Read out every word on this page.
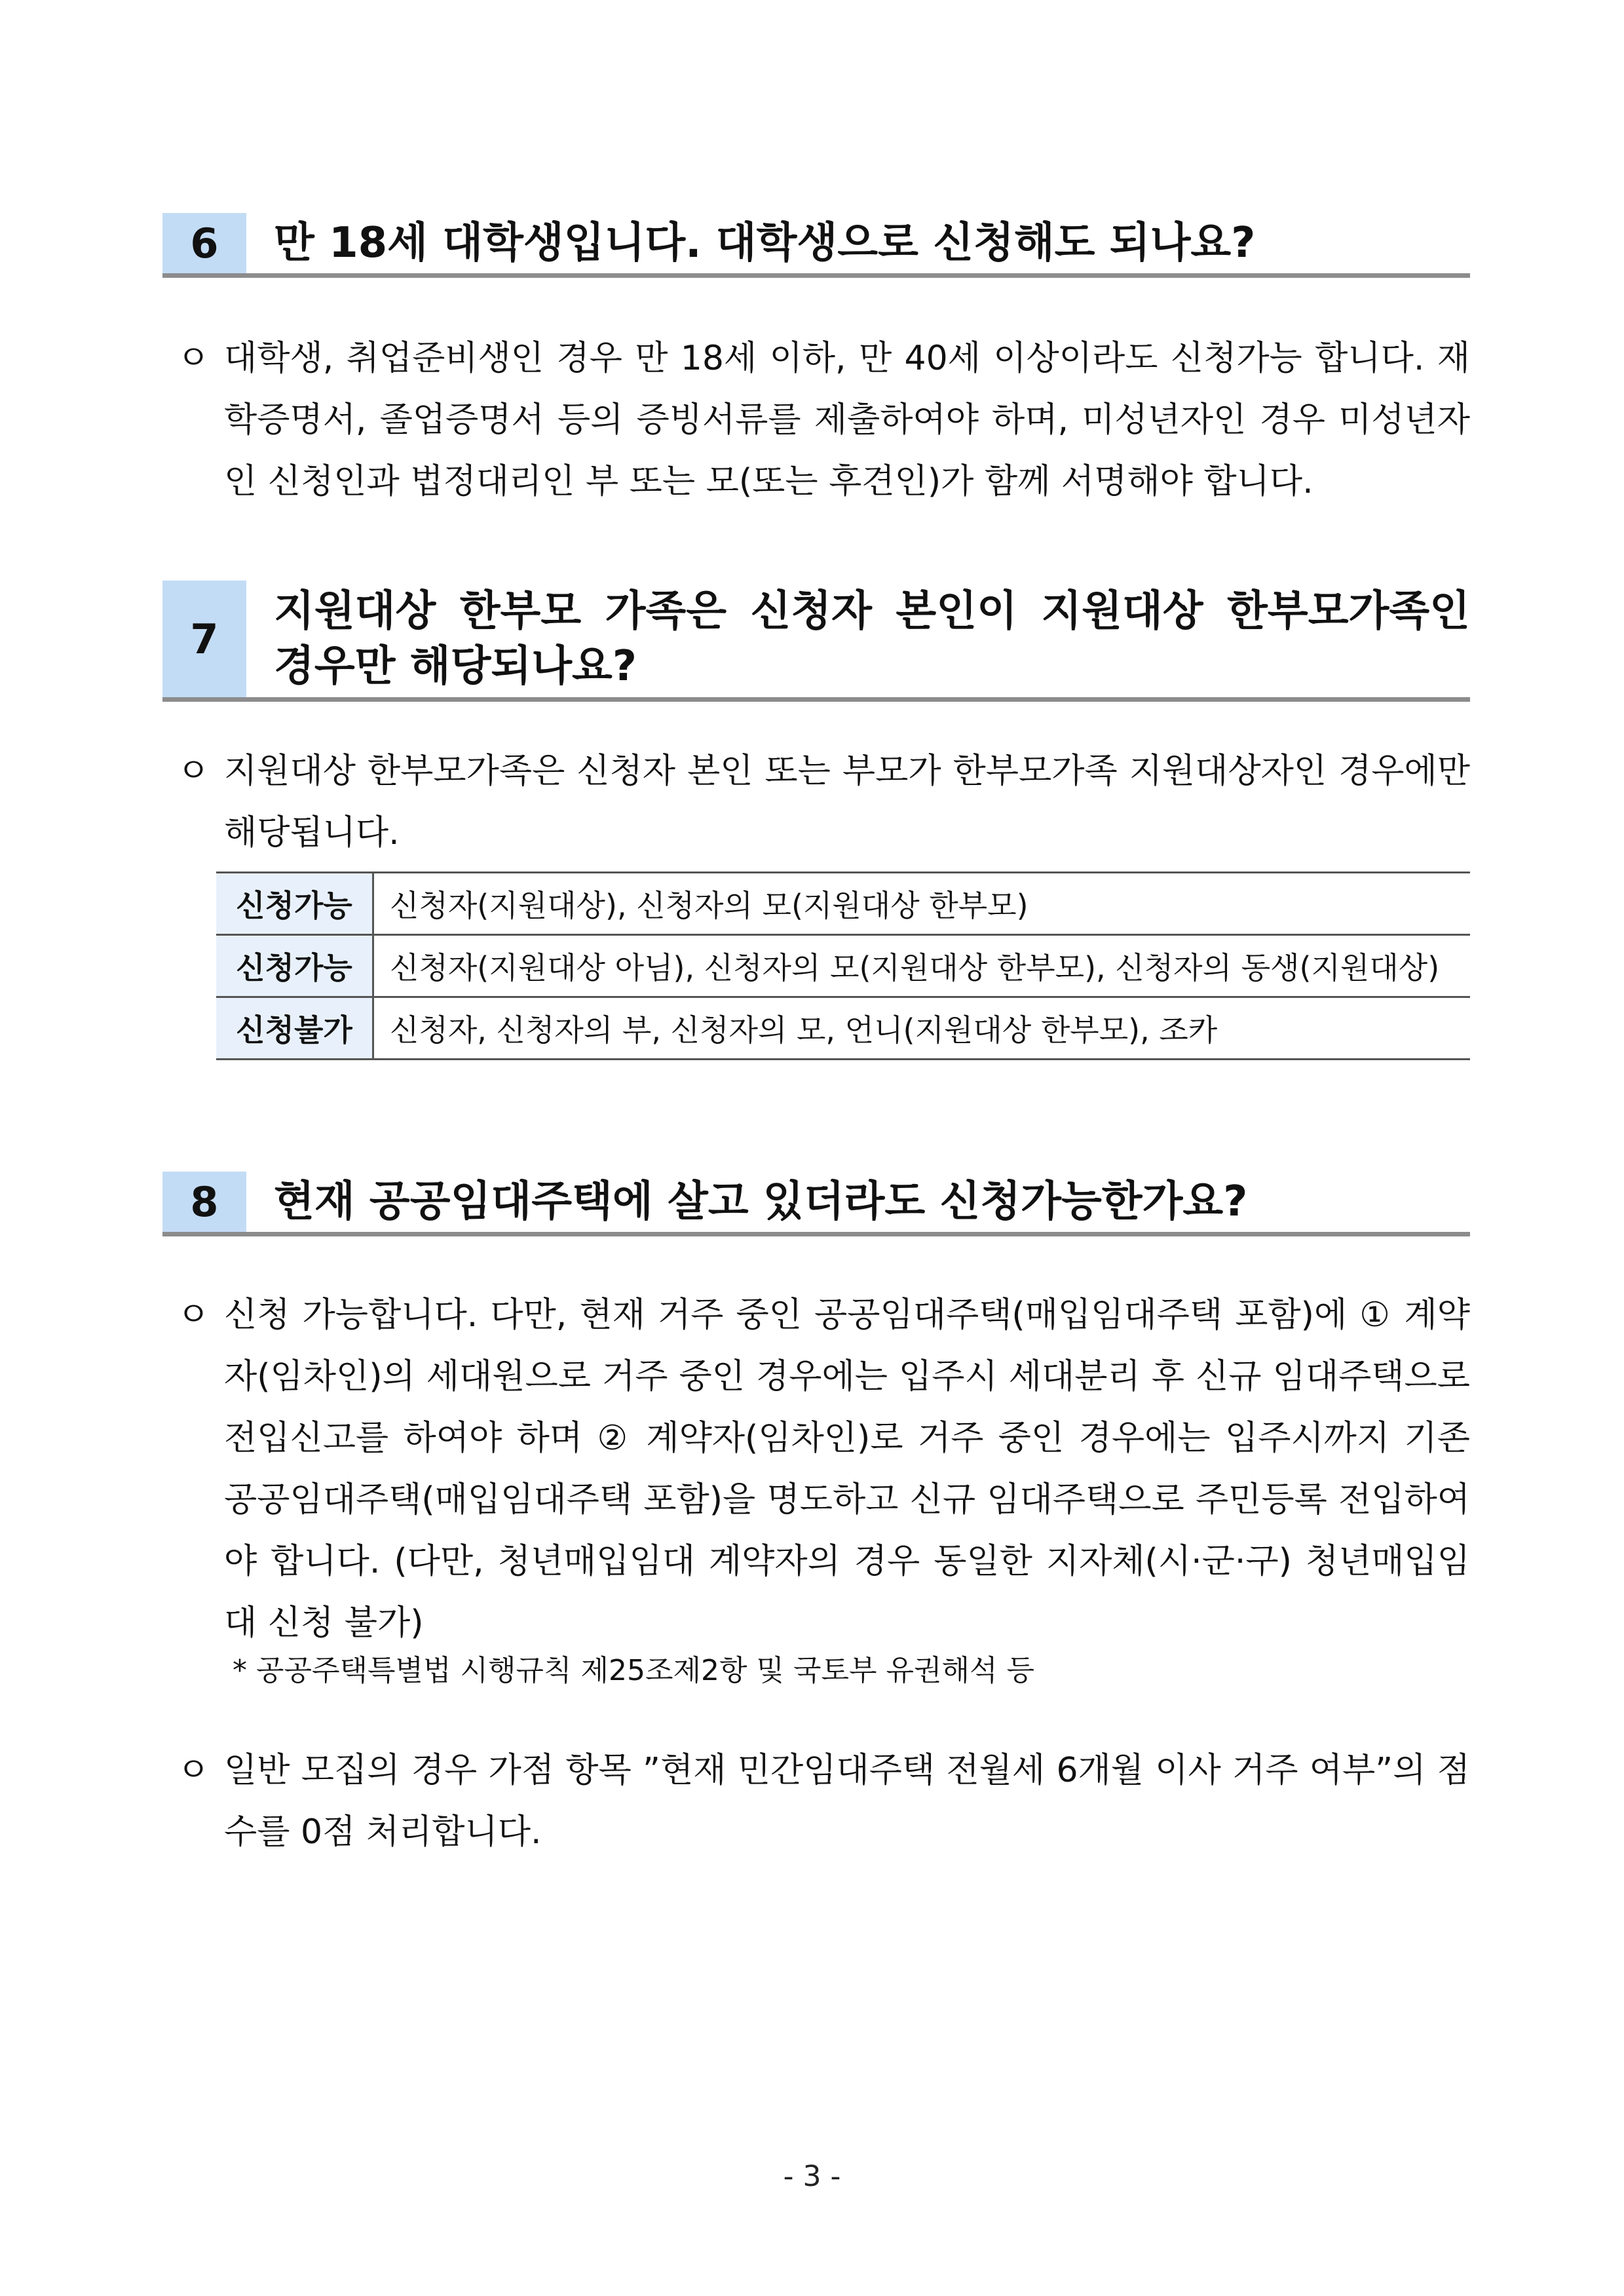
6	만 18세 대학생입니다. 대학생으로 신청해도 되나요?
ㅇ 대학생, 취업준비생인 경우 만 18세 이하, 만 40세 이상이라도 신청가능 합니다. 재학증명서, 졸업증명서 등의 증빙서류를 제출하여야 하며, 미성년자인 경우 미성년자인 신청인과 법정대리인 부 또는 모(또는 후견인)가 함께 서명해야 합니다.
7
지원대상 한부모 가족은 신청자 본인이 지원대상 한부모가족인
경우만 해당되나요?
ㅇ 지원대상 한부모가족은 신청자 본인 또는 부모가 한부모가족 지원대상자인 경우에만 해당됩니다.
신청가능	신청자(지원대상), 신청자의 모(지원대상 한부모)
신청가능	신청자(지원대상 아님), 신청자의 모(지원대상 한부모), 신청자의 동생(지원대상)
신청불가	신청자, 신청자의 부, 신청자의 모, 언니(지원대상 한부모), 조카
8	현재 공공임대주택에 살고 있더라도 신청가능한가요?
ㅇ 신청 가능합니다. 다만, 현재 거주 중인 공공임대주택(매입임대주택 포함)에 ① 계약자(임차인)의 세대원으로 거주 중인 경우에는 입주시 세대분리 후 신규 임대주택으로 전입신고를 하여야 하며 ② 계약자(임차인)로 거주 중인 경우에는 입주시까지 기존 공공임대주택(매입임대주택 포함)을 명도하고 신규 임대주택으로 주민등록 전입하여야 합니다. (다만, 청년매입임대 계약자의 경우 동일한 지자체(시·군·구) 청년매입임대 신청 불가)
* 공공주택특별법 시행규칙 제25조제2항 및 국토부 유권해석 등
ㅇ 일반 모집의 경우 가점 항목 ”현재 민간임대주택 전월세 6개월 이사 거주 여부”의 점수를 0점 처리합니다.
- 3 -
